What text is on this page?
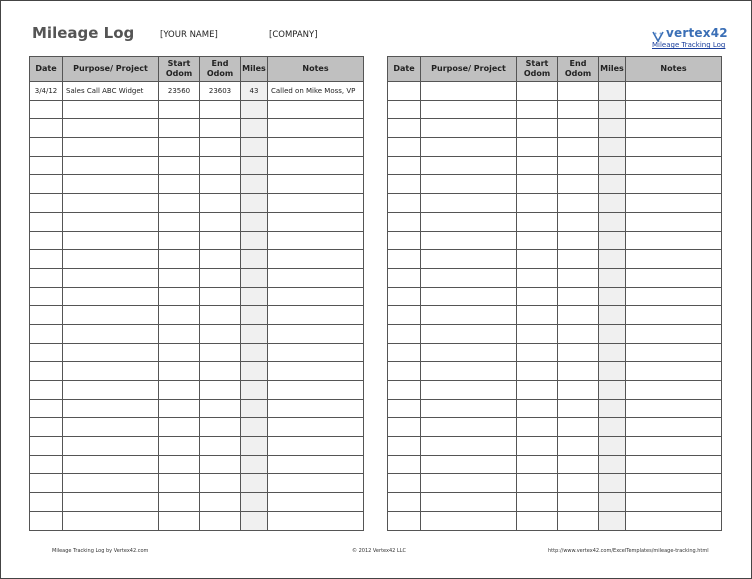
Mileage Log	[YOUR NAME]	[COMPANY]	vertex42
Mileage Tracking Log
Date	Purpose/ Project	Start Odom	End Odom	Miles	Notes
3/4/12	Sales Call ABC Widget	23560	23603	43	Called on Mike Moss, VP

Date	Purpose/ Project	Start Odom	End Odom	Miles	Notes

Mileage Tracking Log by Vertex42.com	© 2012 Vertex42 LLC	http://www.vertex42.com/ExcelTemplates/mileage-tracking.html
